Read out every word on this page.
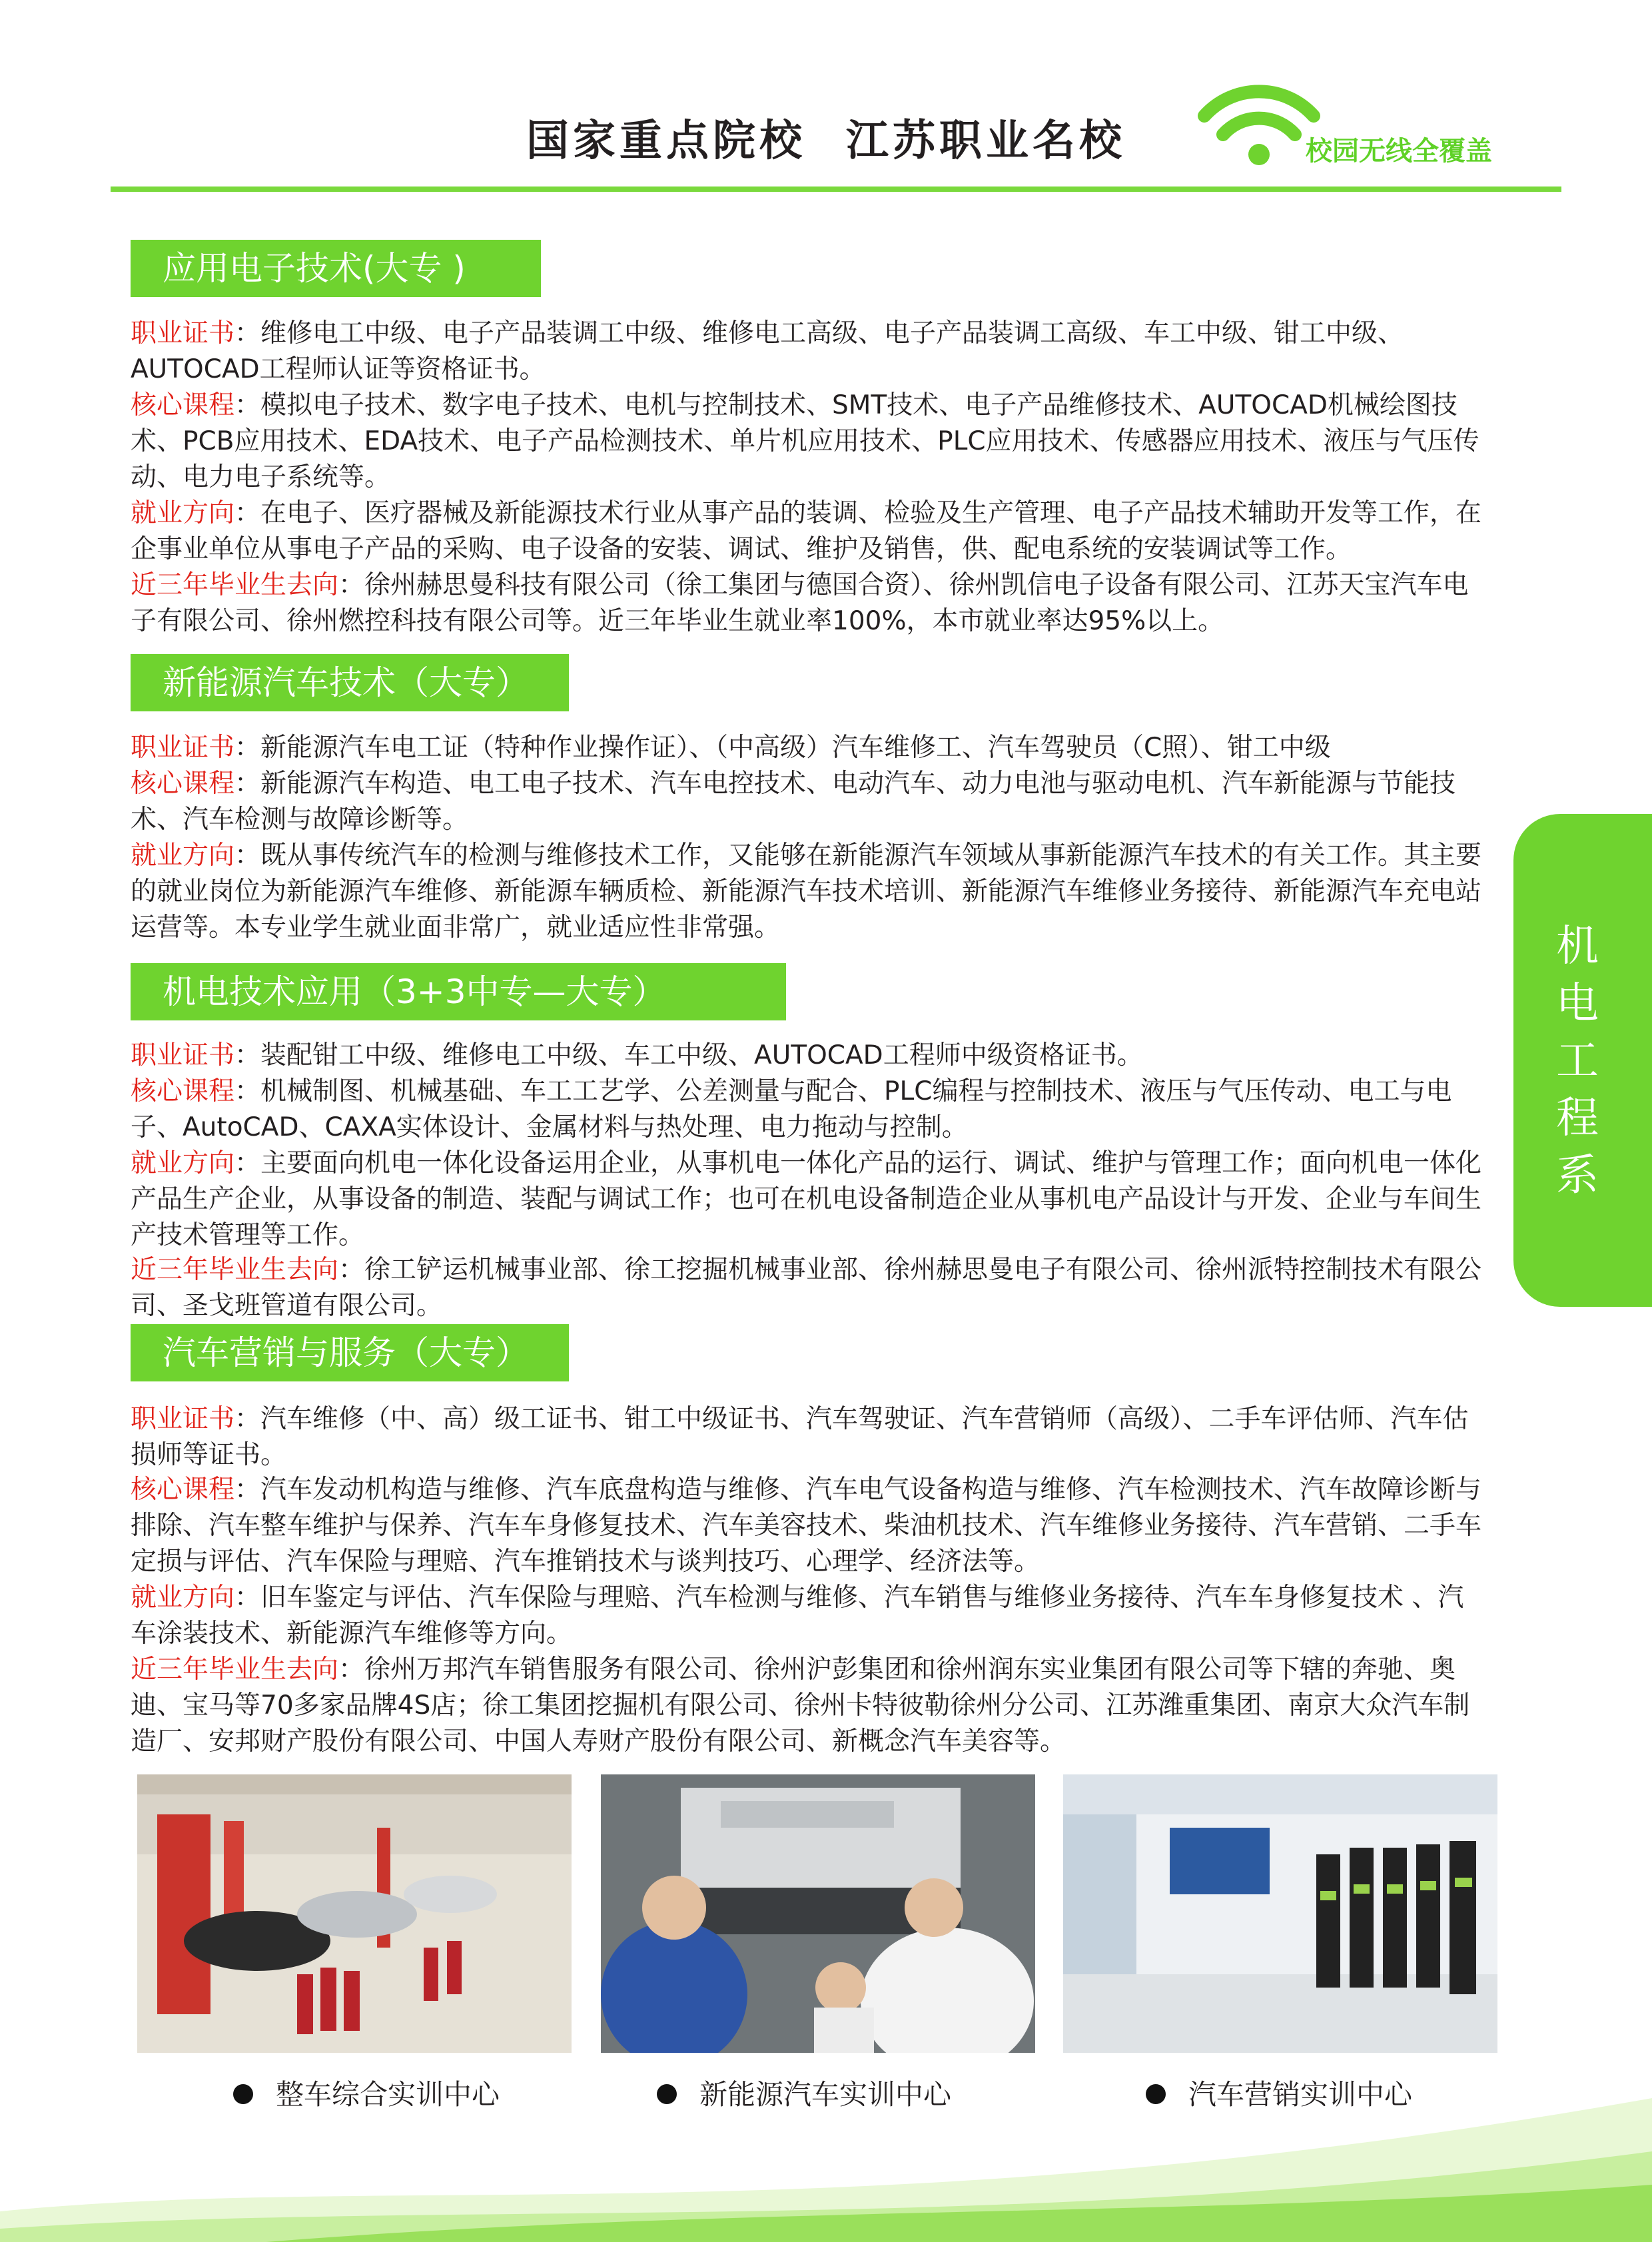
国家重点院校 江苏职业名校	校园无线全覆盖
应用电子技术(大专 )
职业证书：维修电工中级、电子产品装调工中级、维修电工高级、电子产品装调工高级、车工中级、钳工中级、AUTOCAD工程师认证等资格证书。
核心课程：模拟电子技术、数字电子技术、电机与控制技术、SMT技术、电子产品维修技术、AUTOCAD机械绘图技术、PCB应用技术、EDA技术、电子产品检测技术、单片机应用技术、PLC应用技术、传感器应用技术、液压与气压传动、电力电子系统等。
就业方向：在电子、医疗器械及新能源技术行业从事产品的装调、检验及生产管理、电子产品技术辅助开发等工作，在企事业单位从事电子产品的采购、电子设备的安装、调试、维护及销售，供、配电系统的安装调试等工作。
近三年毕业生去向：徐州赫思曼科技有限公司（徐工集团与德国合资）、徐州凯信电子设备有限公司、江苏天宝汽车电子有限公司、徐州燃控科技有限公司等。近三年毕业生就业率100%，本市就业率达95%以上。
新能源汽车技术（大专）
职业证书：新能源汽车电工证（特种作业操作证）、（中高级）汽车维修工、汽车驾驶员（C照）、钳工中级
核心课程：新能源汽车构造、电工电子技术、汽车电控技术、电动汽车、动力电池与驱动电机、汽车新能源与节能技术、汽车检测与故障诊断等。
就业方向：既从事传统汽车的检测与维修技术工作，又能够在新能源汽车领域从事新能源汽车技术的有关工作。其主要的就业岗位为新能源汽车维修、新能源车辆质检、新能源汽车技术培训、新能源汽车维修业务接待、新能源汽车充电站运营等。本专业学生就业面非常广，就业适应性非常强。
机电技术应用（3+3中专—大专）
职业证书：装配钳工中级、维修电工中级、车工中级、AUTOCAD工程师中级资格证书。
核心课程：机械制图、机械基础、车工工艺学、公差测量与配合、PLC编程与控制技术、液压与气压传动、电工与电子、AutoCAD、CAXA实体设计、金属材料与热处理、电力拖动与控制。
就业方向：主要面向机电一体化设备运用企业，从事机电一体化产品的运行、调试、维护与管理工作；面向机电一体化产品生产企业，从事设备的制造、装配与调试工作；也可在机电设备制造企业从事机电产品设计与开发、企业与车间生产技术管理等工作。
近三年毕业生去向：徐工铲运机械事业部、徐工挖掘机械事业部、徐州赫思曼电子有限公司、徐州派特控制技术有限公司、圣戈班管道有限公司。
汽车营销与服务（大专）
职业证书：汽车维修（中、高）级工证书、钳工中级证书、汽车驾驶证、汽车营销师（高级）、二手车评估师、汽车估损师等证书。
核心课程：汽车发动机构造与维修、汽车底盘构造与维修、汽车电气设备构造与维修、汽车检测技术、汽车故障诊断与排除、汽车整车维护与保养、汽车车身修复技术、汽车美容技术、柴油机技术、汽车维修业务接待、汽车营销、二手车定损与评估、汽车保险与理赔、汽车推销技术与谈判技巧、心理学、经济法等。
就业方向：旧车鉴定与评估、汽车保险与理赔、汽车检测与维修、汽车销售与维修业务接待、汽车车身修复技术 、汽车涂装技术、新能源汽车维修等方向。
近三年毕业生去向：徐州万邦汽车销售服务有限公司、徐州沪彭集团和徐州润东实业集团有限公司等下辖的奔驰、奥迪、宝马等70多家品牌4S店；徐工集团挖掘机有限公司、徐州卡特彼勒徐州分公司、江苏潍重集团、南京大众汽车制造厂、安邦财产股份有限公司、中国人寿财产股份有限公司、新概念汽车美容等。
机电工程系
整车综合实训中心	新能源汽车实训中心	汽车营销实训中心
